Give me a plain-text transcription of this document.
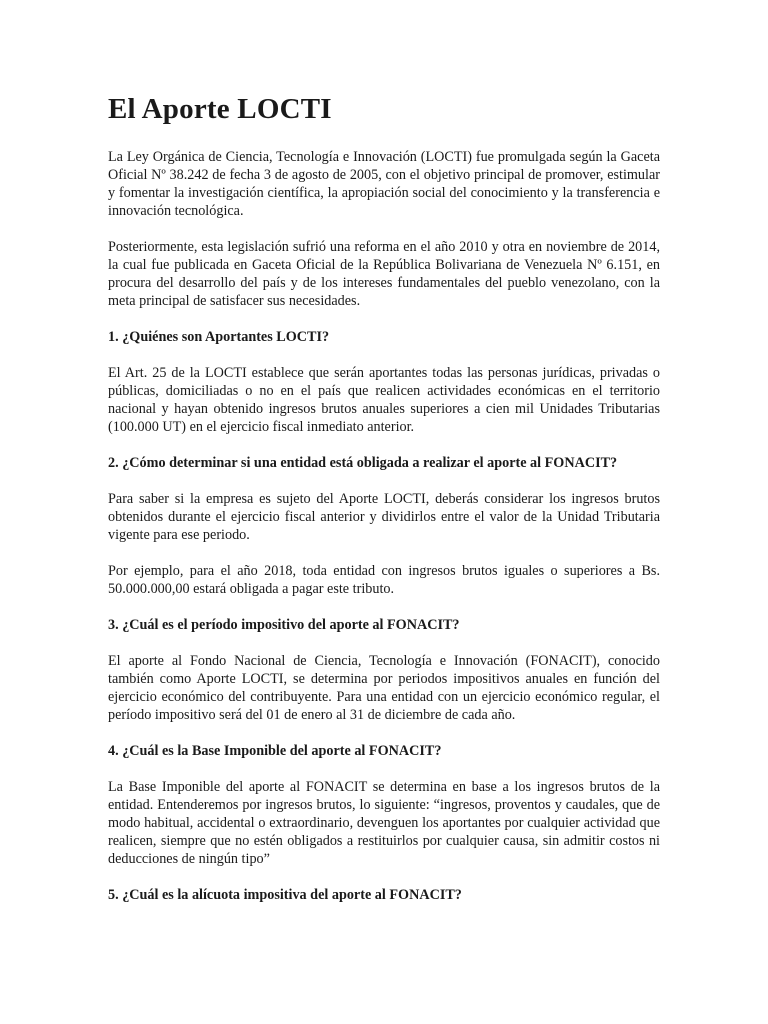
El Aporte LOCTI

La Ley Orgánica de Ciencia, Tecnología e Innovación (LOCTI) fue promulgada según la Gaceta Oficial Nº 38.242 de fecha 3 de agosto de 2005, con el objetivo principal de promover, estimular y fomentar la investigación científica, la apropiación social del conocimiento y la transferencia e innovación tecnológica.

Posteriormente, esta legislación sufrió una reforma en el año 2010 y otra en noviembre de 2014, la cual fue publicada en Gaceta Oficial de la República Bolivariana de Venezuela Nº 6.151, en procura del desarrollo del país y de los intereses fundamentales del pueblo venezolano, con la meta principal de satisfacer sus necesidades.

1. ¿Quiénes son Aportantes LOCTI?

El Art. 25 de la LOCTI establece que serán aportantes todas las personas jurídicas, privadas o públicas, domiciliadas o no en el país que realicen actividades económicas en el territorio nacional y hayan obtenido ingresos brutos anuales superiores a cien mil Unidades Tributarias (100.000 UT) en el ejercicio fiscal inmediato anterior.

2. ¿Cómo determinar si una entidad está obligada a realizar el aporte al FONACIT?

Para saber si la empresa es sujeto del Aporte LOCTI, deberás considerar los ingresos brutos obtenidos durante el ejercicio fiscal anterior y dividirlos entre el valor de la Unidad Tributaria vigente para ese periodo.

Por ejemplo, para el año 2018, toda entidad con ingresos brutos iguales o superiores a Bs. 50.000.000,00 estará obligada a pagar este tributo.

3. ¿Cuál es el período impositivo del aporte al FONACIT?

El aporte al Fondo Nacional de Ciencia, Tecnología e Innovación (FONACIT), conocido también como Aporte LOCTI, se determina por periodos impositivos anuales en función del ejercicio económico del contribuyente. Para una entidad con un ejercicio económico regular, el período impositivo será del 01 de enero al 31 de diciembre de cada año.

4. ¿Cuál es la Base Imponible del aporte al FONACIT?

La Base Imponible del aporte al FONACIT se determina en base a los ingresos brutos de la entidad. Entenderemos por ingresos brutos, lo siguiente: “ingresos, proventos y caudales, que de modo habitual, accidental o extraordinario, devenguen los aportantes por cualquier actividad que realicen, siempre que no estén obligados a restituirlos por cualquier causa, sin admitir costos ni deducciones de ningún tipo”

5. ¿Cuál es la alícuota impositiva del aporte al FONACIT?
